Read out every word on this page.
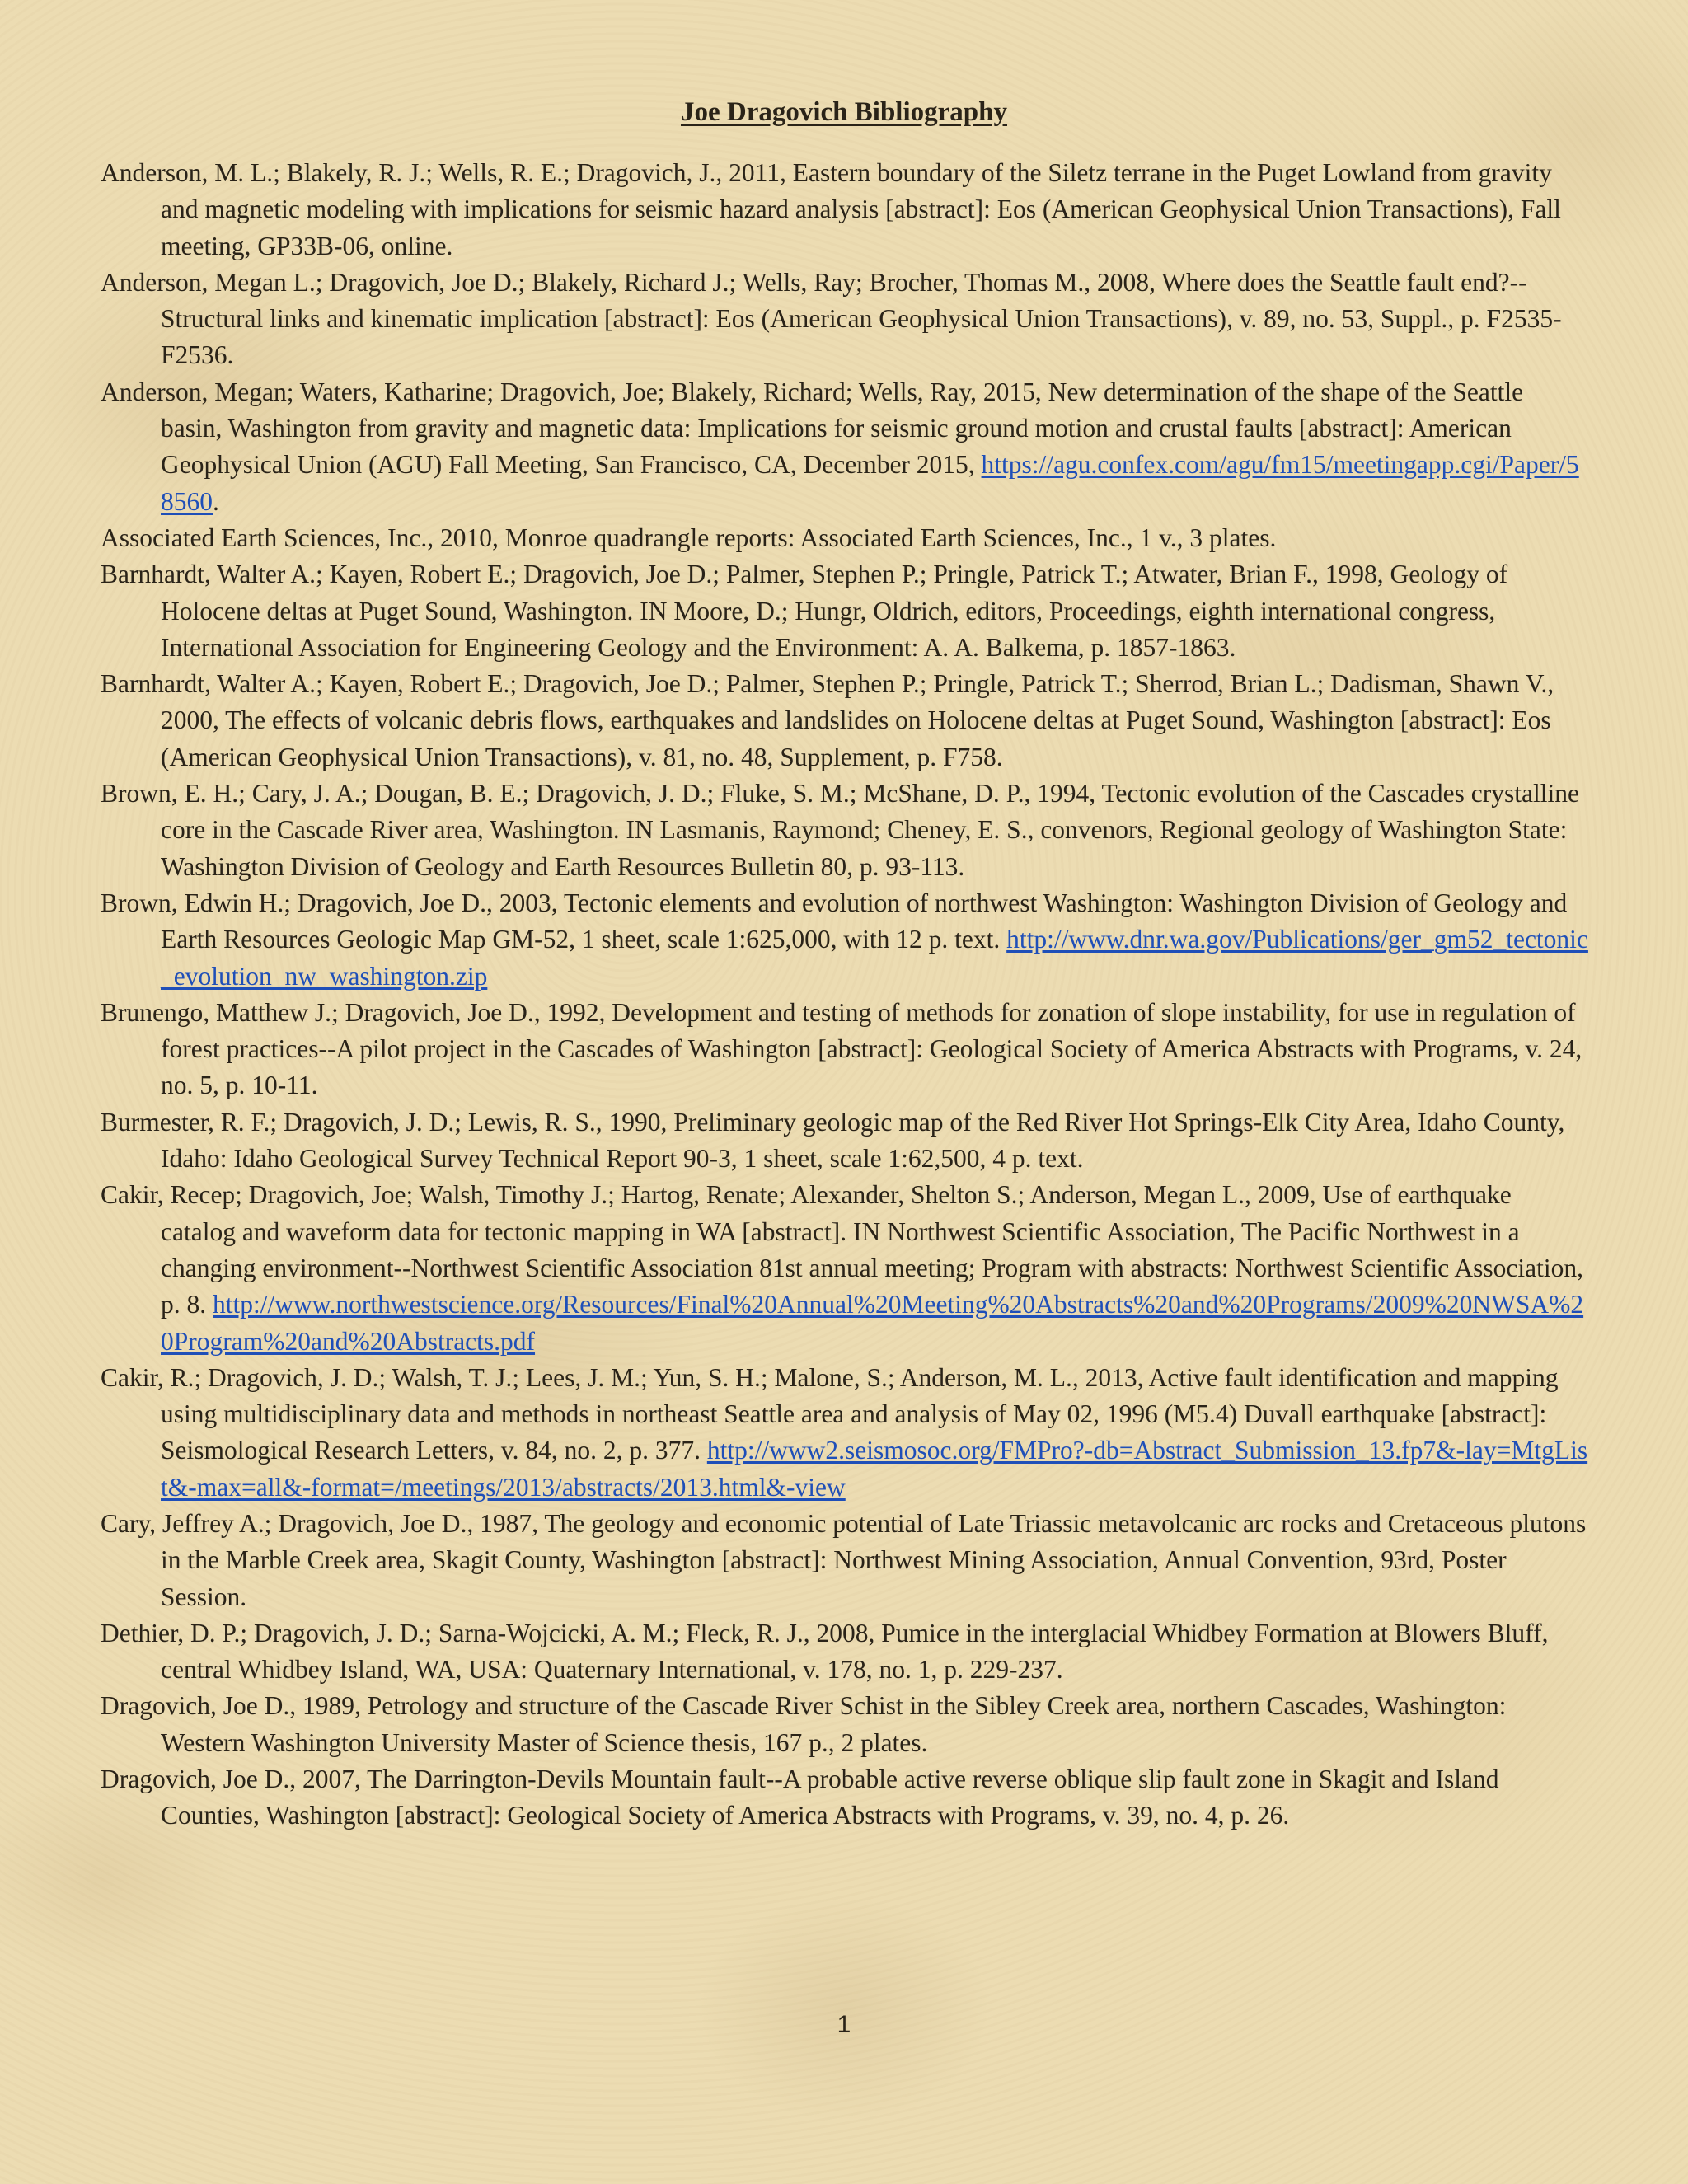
Joe Dragovich Bibliography
Anderson, M. L.; Blakely, R. J.; Wells, R. E.; Dragovich, J., 2011, Eastern boundary of the Siletz terrane in the Puget Lowland from gravity and magnetic modeling with implications for seismic hazard analysis [abstract]: Eos (American Geophysical Union Transactions), Fall meeting, GP33B-06, online.
Anderson, Megan L.; Dragovich, Joe D.; Blakely, Richard J.; Wells, Ray; Brocher, Thomas M., 2008, Where does the Seattle fault end?--Structural links and kinematic implication [abstract]: Eos (American Geophysical Union Transactions), v. 89, no. 53, Suppl., p. F2535-F2536.
Anderson, Megan; Waters, Katharine; Dragovich, Joe; Blakely, Richard; Wells, Ray, 2015, New determination of the shape of the Seattle basin, Washington from gravity and magnetic data: Implications for seismic ground motion and crustal faults [abstract]: American Geophysical Union (AGU) Fall Meeting, San Francisco, CA, December 2015, https://agu.confex.com/agu/fm15/meetingapp.cgi/Paper/58560.
Associated Earth Sciences, Inc., 2010, Monroe quadrangle reports: Associated Earth Sciences, Inc., 1 v., 3 plates.
Barnhardt, Walter A.; Kayen, Robert E.; Dragovich, Joe D.; Palmer, Stephen P.; Pringle, Patrick T.; Atwater, Brian F., 1998, Geology of Holocene deltas at Puget Sound, Washington. IN Moore, D.; Hungr, Oldrich, editors, Proceedings, eighth international congress, International Association for Engineering Geology and the Environment: A. A. Balkema, p. 1857-1863.
Barnhardt, Walter A.; Kayen, Robert E.; Dragovich, Joe D.; Palmer, Stephen P.; Pringle, Patrick T.; Sherrod, Brian L.; Dadisman, Shawn V., 2000, The effects of volcanic debris flows, earthquakes and landslides on Holocene deltas at Puget Sound, Washington [abstract]: Eos (American Geophysical Union Transactions), v. 81, no. 48, Supplement, p. F758.
Brown, E. H.; Cary, J. A.; Dougan, B. E.; Dragovich, J. D.; Fluke, S. M.; McShane, D. P., 1994, Tectonic evolution of the Cascades crystalline core in the Cascade River area, Washington. IN Lasmanis, Raymond; Cheney, E. S., convenors, Regional geology of Washington State: Washington Division of Geology and Earth Resources Bulletin 80, p. 93-113.
Brown, Edwin H.; Dragovich, Joe D., 2003, Tectonic elements and evolution of northwest Washington: Washington Division of Geology and Earth Resources Geologic Map GM-52, 1 sheet, scale 1:625,000, with 12 p. text. http://www.dnr.wa.gov/Publications/ger_gm52_tectonic_evolution_nw_washington.zip
Brunengo, Matthew J.; Dragovich, Joe D., 1992, Development and testing of methods for zonation of slope instability, for use in regulation of forest practices--A pilot project in the Cascades of Washington [abstract]: Geological Society of America Abstracts with Programs, v. 24, no. 5, p. 10-11.
Burmester, R. F.; Dragovich, J. D.; Lewis, R. S., 1990, Preliminary geologic map of the Red River Hot Springs-Elk City Area, Idaho County, Idaho: Idaho Geological Survey Technical Report 90-3, 1 sheet, scale 1:62,500, 4 p. text.
Cakir, Recep; Dragovich, Joe; Walsh, Timothy J.; Hartog, Renate; Alexander, Shelton S.; Anderson, Megan L., 2009, Use of earthquake catalog and waveform data for tectonic mapping in WA [abstract]. IN Northwest Scientific Association, The Pacific Northwest in a changing environment--Northwest Scientific Association 81st annual meeting; Program with abstracts: Northwest Scientific Association, p. 8. http://www.northwestscience.org/Resources/Final%20Annual%20Meeting%20Abstracts%20and%20Programs/2009%20NWSA%20Program%20and%20Abstracts.pdf
Cakir, R.; Dragovich, J. D.; Walsh, T. J.; Lees, J. M.; Yun, S. H.; Malone, S.; Anderson, M. L., 2013, Active fault identification and mapping using multidisciplinary data and methods in northeast Seattle area and analysis of May 02, 1996 (M5.4) Duvall earthquake [abstract]: Seismological Research Letters, v. 84, no. 2, p. 377. http://www2.seismosoc.org/FMPro?-db=Abstract_Submission_13.fp7&-lay=MtgList&-max=all&-format=/meetings/2013/abstracts/2013.html&-view
Cary, Jeffrey A.; Dragovich, Joe D., 1987, The geology and economic potential of Late Triassic metavolcanic arc rocks and Cretaceous plutons in the Marble Creek area, Skagit County, Washington [abstract]: Northwest Mining Association, Annual Convention, 93rd, Poster Session.
Dethier, D. P.; Dragovich, J. D.; Sarna-Wojcicki, A. M.; Fleck, R. J., 2008, Pumice in the interglacial Whidbey Formation at Blowers Bluff, central Whidbey Island, WA, USA: Quaternary International, v. 178, no. 1, p. 229-237.
Dragovich, Joe D., 1989, Petrology and structure of the Cascade River Schist in the Sibley Creek area, northern Cascades, Washington: Western Washington University Master of Science thesis, 167 p., 2 plates.
Dragovich, Joe D., 2007, The Darrington-Devils Mountain fault--A probable active reverse oblique slip fault zone in Skagit and Island Counties, Washington [abstract]: Geological Society of America Abstracts with Programs, v. 39, no. 4, p. 26.
1
